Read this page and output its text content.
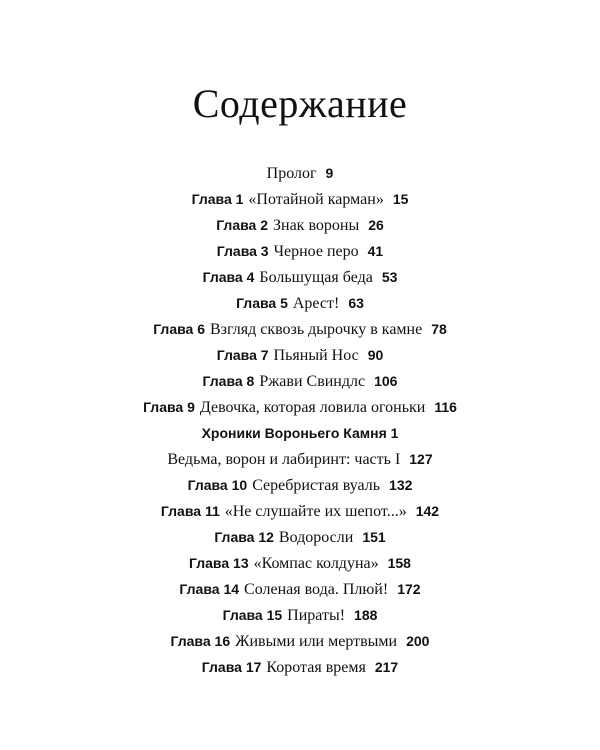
Содержание
Пролог 9
Глава 1 «Потайной карман» 15
Глава 2 Знак вороны 26
Глава 3 Черное перо 41
Глава 4 Большущая беда 53
Глава 5 Арест! 63
Глава 6 Взгляд сквозь дырочку в камне 78
Глава 7 Пьяный Нос 90
Глава 8 Ржави Свиндлс 106
Глава 9 Девочка, которая ловила огоньки 116
Хроники Вороньего Камня 1
Ведьма, ворон и лабиринт: часть I 127
Глава 10 Серебристая вуаль 132
Глава 11 «Не слушайте их шепот...» 142
Глава 12 Водоросли 151
Глава 13 «Компас колдуна» 158
Глава 14 Соленая вода. Плюй! 172
Глава 15 Пираты! 188
Глава 16 Живыми или мертвыми 200
Глава 17 Коротая время 217
